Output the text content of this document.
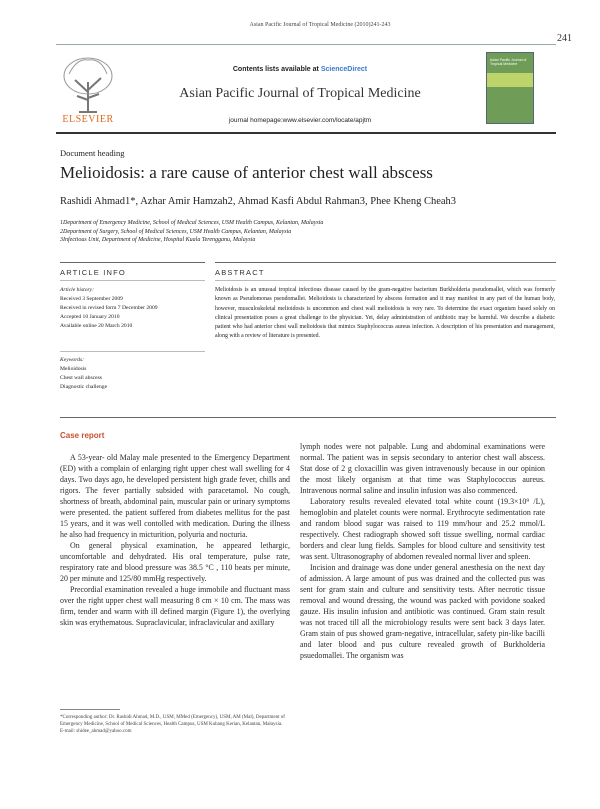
Asian Pacific Journal of Tropical Medicine (2010)241-243
241
ELSEVIER
Contents lists available at ScienceDirect
Asian Pacific Journal of Tropical Medicine
journal homepage:www.elsevier.com/locate/apjtm
Asian Pacific Journal of Tropical Medicine
Document heading
Melioidosis: a rare cause of anterior chest wall abscess
Rashidi Ahmad1*, Azhar Amir Hamzah2, Ahmad Kasfi Abdul Rahman3, Phee Kheng Cheah3
1Department of Emergency Medicine, School of Medical Sciences, USM Health Campus, Kelantan, Malaysia
2Department of Surgery, School of Medical Sciences, USM Health Campus, Kelantan, Malaysia
3Infectious Unit, Department of Medicine, Hospital Kuala Terengganu, Malaysia
ARTICLE INFO	ABSTRACT
Article history:
Received 3 September 2009
Received in revised form 7 December 2009
Accepted 10 January 2010
Available online 20 March 2010
Keywords:
Melioidosis
Chest wall abscess
Diagnostic challenge
Melioidosis is an unusual tropical infectious disease caused by the gram-negative bacterium Burkholderia pseudomallei, which was formerly known as Pseudomonas pseudomallei. Melioidosis is characterized by abscess formation and it may manifest in any part of the human body, however, musculoskeletal melioidosis is uncommon and chest wall melioidosis is very rare. To determine the exact organism based solely on clinical presentation poses a great challenge to the physician. Yet, delay administration of antibiotic may be harmful. We describe a diabetic patient who had anterior chest wall melioidosis that mimics Staphylococcus aureus infection. A description of his presentation and management, along with a review of literature is presented.

Case report

A 53-year- old Malay male presented to the Emergency Department (ED) with a complain of enlarging right upper chest wall swelling for 4 days. Two days ago, he developed persistent high grade fever, chills and rigors. The fever partially subsided with paracetamol. No cough, shortness of breath, abdominal pain, muscular pain or urinary symptoms were presented. the patient suffered from diabetes mellitus for the past 15 years, and it was well contolled with medication. During the illness he also had frequency in micturition, polyuria and nocturia.

On general physical examination, he appeared lethargic, uncomfortable and dehydrated. His oral temperature, pulse rate, respiratory rate and blood pressure was 38.5 °C , 110 beats per minute, 20 per minute and 125/80 mmHg respectively.

Precordial examination revealed a huge immobile and fluctuant mass over the right upper chest wall measuring 8 cm × 10 cm. The mass was firm, tender and warm with ill defined margin (Figure 1), the overlying skin was erythematous. Supraclavicular, infraclavicular and axillary

lymph nodes were not palpable. Lung and abdominal examinations were normal. The patient was in sepsis secondary to anterior chest wall abscess. Stat dose of 2 g cloxacillin was given intravenously because in our opinion the most likely organism at that time was Staphylococcus aureus. Intravenous normal saline and insulin infusion was also commenced.

Laboratory results revealed elevated total white count (19.3×10⁹ /L), hemoglobin and platelet counts were normal. Erythrocyte sedimentation rate and random blood sugar was raised to 119 mm/hour and 25.2 mmol/L respectively. Chest radiograph showed soft tissue swelling, normal cardiac borders and clear lung fields. Samples for blood culture and sensitivity test was sent. Ultrasonography of abdomen revealed normal liver and spleen.

Incision and drainage was done under general anesthesia on the next day of admission. A large amount of pus was drained and the collected pus was sent for gram stain and culture and sensitivity tests. After necrotic tissue removal and wound dressing, the wound was packed with povidone soaked gauze. His insulin infusion and antibiotic was continued. Gram stain result was not traced till all the microbiology results were sent back 3 days later. Gram stain of pus showed gram-negative, intracellular, safety pin-like bacilli and later blood and pus culture revealed growth of Burkholderia psuedomallei. The organism was

*Corresponding author: Dr. Rashidi Ahmad, M.D., USM, MMed (Emergency), USM, AM (Mal), Department of Emergency Medicine, School of Medical Sciences, Health Campus, USM Kubang Kerian, Kelantan, Malaysia.
E-mail: shidee_ahmad@yahoo.com
